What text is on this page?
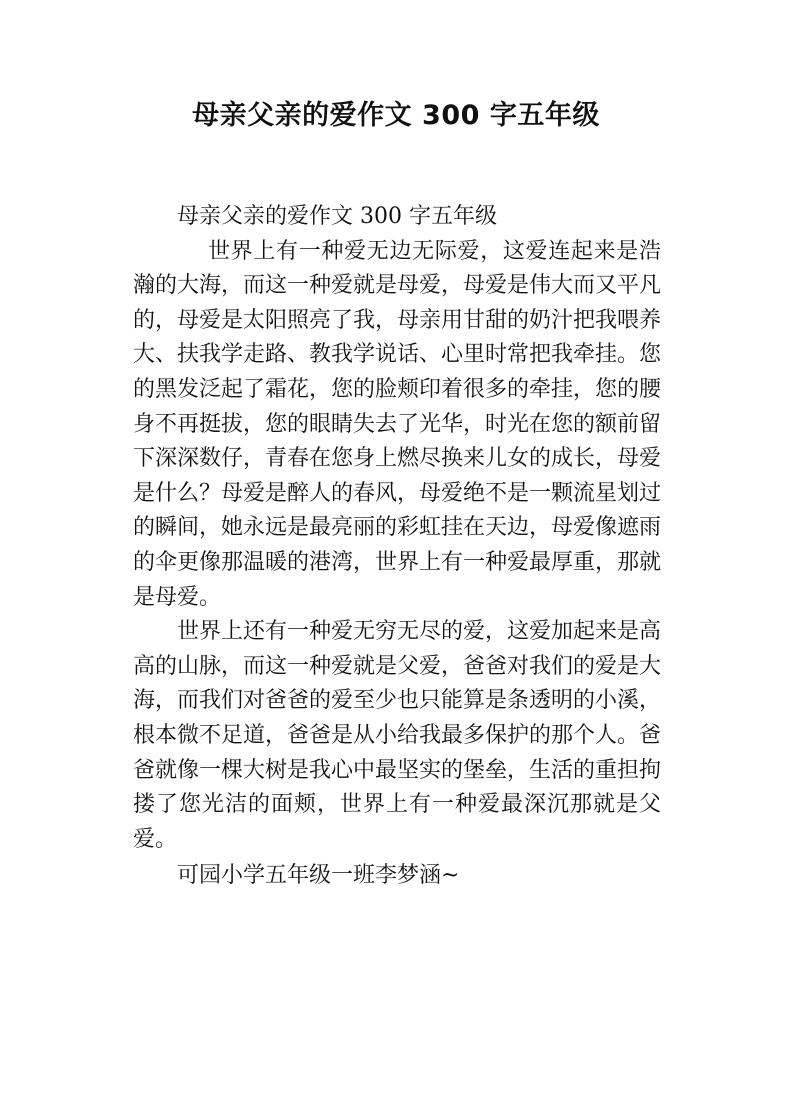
母亲父亲的爱作文 300 字五年级

母亲父亲的爱作文 300 字五年级

世界上有一种爱无边无际爱，这爱连起来是浩瀚的大海，而这一种爱就是母爱，母爱是伟大而又平凡的，母爱是太阳照亮了我，母亲用甘甜的奶汁把我喂养大、扶我学走路、教我学说话、心里时常把我牵挂。您的黑发泛起了霜花，您的脸颊印着很多的牵挂，您的腰身不再挺拔，您的眼睛失去了光华，时光在您的额前留下深深数仔，青春在您身上燃尽换来儿女的成长，母爱是什么？母爱是醉人的春风，母爱绝不是一颗流星划过的瞬间，她永远是最亮丽的彩虹挂在天边，母爱像遮雨的伞更像那温暖的港湾，世界上有一种爱最厚重，那就是母爱。

世界上还有一种爱无穷无尽的爱，这爱加起来是高高的山脉，而这一种爱就是父爱，爸爸对我们的爱是大海，而我们对爸爸的爱至少也只能算是条透明的小溪，根本微不足道，爸爸是从小给我最多保护的那个人。爸爸就像一棵大树是我心中最坚实的堡垒，生活的重担拘搂了您光洁的面颊，世界上有一种爱最深沉那就是父爱。

可园小学五年级一班李梦涵~
